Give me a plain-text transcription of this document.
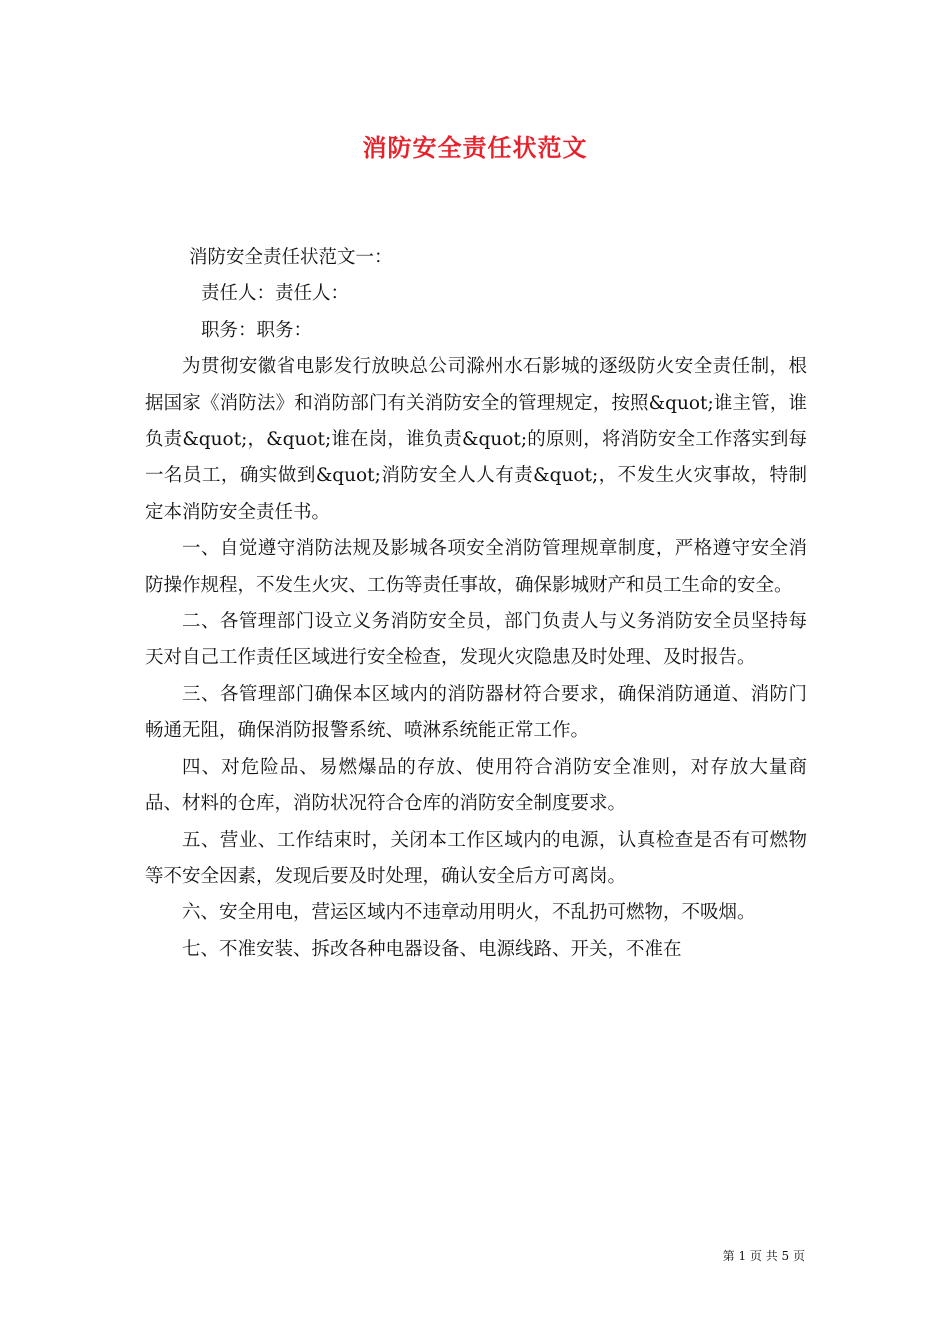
消防安全责任状范文

消防安全责任状范文一：

责任人：责任人：

职务：职务：

为贯彻安徽省电影发行放映总公司滁州水石影城的逐级防火安全责任制，根据国家《消防法》和消防部门有关消防安全的管理规定，按照&quot;谁主管，谁负责&quot;，&quot;谁在岗，谁负责&quot;的原则，将消防安全工作落实到每一名员工，确实做到&quot;消防安全人人有责&quot;，不发生火灾事故，特制定本消防安全责任书。

一、自觉遵守消防法规及影城各项安全消防管理规章制度，严格遵守安全消防操作规程，不发生火灾、工伤等责任事故，确保影城财产和员工生命的安全。

二、各管理部门设立义务消防安全员，部门负责人与义务消防安全员坚持每天对自己工作责任区域进行安全检查，发现火灾隐患及时处理、及时报告。

三、各管理部门确保本区域内的消防器材符合要求，确保消防通道、消防门畅通无阻，确保消防报警系统、喷淋系统能正常工作。

四、对危险品、易燃爆品的存放、使用符合消防安全准则，对存放大量商品、材料的仓库，消防状况符合仓库的消防安全制度要求。

五、营业、工作结束时，关闭本工作区域内的电源，认真检查是否有可燃物等不安全因素，发现后要及时处理，确认安全后方可离岗。

六、安全用电，营运区域内不违章动用明火，不乱扔可燃物，不吸烟。

七、不准安装、拆改各种电器设备、电源线路、开关，不准在

第 1 页 共 5 页
